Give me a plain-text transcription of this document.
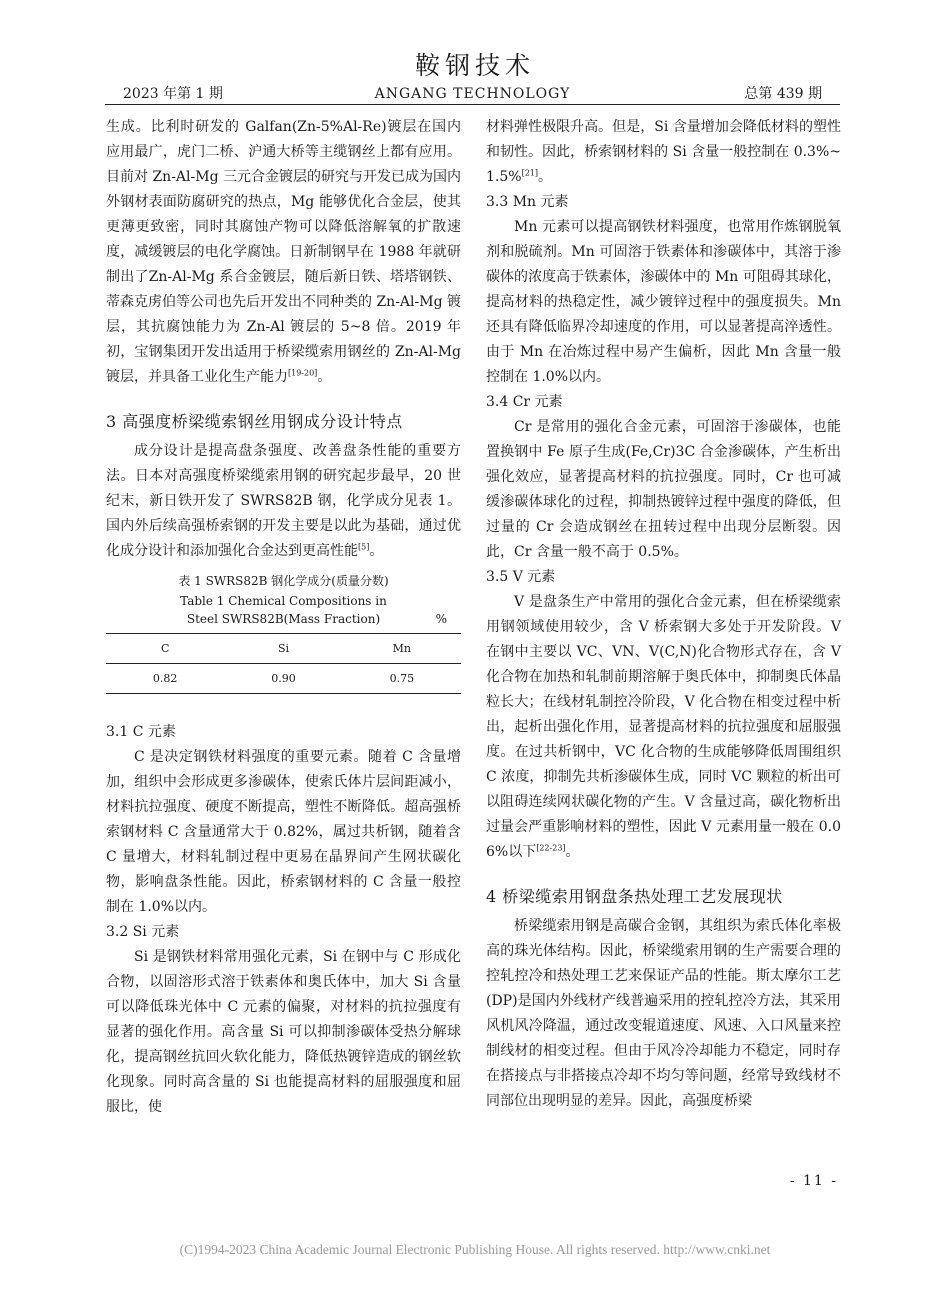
鞍钢技术
2023 年第 1 期	ANGANG TECHNOLOGY	总第 439 期

生成。比利时研发的 Galfan(Zn-5%Al-Re)镀层在国内应用最广，虎门二桥、沪通大桥等主缆钢丝上都有应用。目前对 Zn-Al-Mg 三元合金镀层的研究与开发已成为国内外钢材表面防腐研究的热点，Mg 能够优化合金层，使其更薄更致密，同时其腐蚀产物可以降低溶解氧的扩散速度，减缓镀层的电化学腐蚀。日新制钢早在 1988 年就研制出了Zn-Al-Mg 系合金镀层，随后新日铁、塔塔钢铁、蒂森克虏伯等公司也先后开发出不同种类的 Zn-Al-Mg 镀层，其抗腐蚀能力为 Zn-Al 镀层的 5~8 倍。2019 年初，宝钢集团开发出适用于桥梁缆索用钢丝的 Zn-Al-Mg 镀层，并具备工业化生产能力[19-20]。

3 高强度桥梁缆索钢丝用钢成分设计特点

成分设计是提高盘条强度、改善盘条性能的重要方法。日本对高强度桥梁缆索用钢的研究起步最早，20 世纪末，新日铁开发了 SWRS82B 钢，化学成分见表 1。国内外后续高强桥索钢的开发主要是以此为基础，通过优化成分设计和添加强化合金达到更高性能[5]。

表 1 SWRS82B 钢化学成分(质量分数)
Table 1 Chemical Compositions in
Steel SWRS82B(Mass Fraction)	%
C	Si	Mn
0.82	0.90	0.75
3.1 C 元素

C 是决定钢铁材料强度的重要元素。随着 C 含量增加，组织中会形成更多渗碳体，使索氏体片层间距减小，材料抗拉强度、硬度不断提高，塑性不断降低。超高强桥索钢材料 C 含量通常大于 0.82%，属过共析钢，随着含 C 量增大，材料轧制过程中更易在晶界间产生网状碳化物，影响盘条性能。因此，桥索钢材料的 C 含量一般控制在 1.0%以内。

3.2 Si 元素

Si 是钢铁材料常用强化元素，Si 在钢中与 C 形成化合物，以固溶形式溶于铁素体和奥氏体中，加大 Si 含量可以降低珠光体中 C 元素的偏聚，对材料的抗拉强度有显著的强化作用。高含量 Si 可以抑制渗碳体受热分解球化，提高钢丝抗回火软化能力，降低热镀锌造成的钢丝软化现象。同时高含量的 Si 也能提高材料的屈服强度和屈服比，使

材料弹性极限升高。但是，Si 含量增加会降低材料的塑性和韧性。因此，桥索钢材料的 Si 含量一般控制在 0.3%~1.5%[21]。

3.3 Mn 元素

Mn 元素可以提高钢铁材料强度，也常用作炼钢脱氧剂和脱硫剂。Mn 可固溶于铁素体和渗碳体中，其溶于渗碳体的浓度高于铁素体，渗碳体中的 Mn 可阻碍其球化，提高材料的热稳定性，减少镀锌过程中的强度损失。Mn 还具有降低临界冷却速度的作用，可以显著提高淬透性。由于 Mn 在冶炼过程中易产生偏析，因此 Mn 含量一般控制在 1.0%以内。

3.4 Cr 元素

Cr 是常用的强化合金元素，可固溶于渗碳体，也能置换钢中 Fe 原子生成(Fe,Cr)3C 合金渗碳体，产生析出强化效应，显著提高材料的抗拉强度。同时，Cr 也可减缓渗碳体球化的过程，抑制热镀锌过程中强度的降低，但过量的 Cr 会造成钢丝在扭转过程中出现分层断裂。因此，Cr 含量一般不高于 0.5%。

3.5 V 元素

V 是盘条生产中常用的强化合金元素，但在桥梁缆索用钢领域使用较少，含 V 桥索钢大多处于开发阶段。V 在钢中主要以 VC、VN、V(C,N)化合物形式存在，含 V 化合物在加热和轧制前期溶解于奥氏体中，抑制奥氏体晶粒长大；在线材轧制控冷阶段，V 化合物在相变过程中析出，起析出强化作用，显著提高材料的抗拉强度和屈服强度。在过共析钢中，VC 化合物的生成能够降低周围组织 C 浓度，抑制先共析渗碳体生成，同时 VC 颗粒的析出可以阻碍连续网状碳化物的产生。V 含量过高，碳化物析出过量会严重影响材料的塑性，因此 V 元素用量一般在 0.06%以下[22-23]。

4 桥梁缆索用钢盘条热处理工艺发展现状

桥梁缆索用钢是高碳合金钢，其组织为索氏体化率极高的珠光体结构。因此，桥梁缆索用钢的生产需要合理的控轧控冷和热处理工艺来保证产品的性能。斯太摩尔工艺(DP)是国内外线材产线普遍采用的控轧控冷方法，其采用风机风冷降温，通过改变辊道速度、风速、入口风量来控制线材的相变过程。但由于风冷冷却能力不稳定，同时存在搭接点与非搭接点冷却不均匀等问题，经常导致线材不同部位出现明显的差异。因此，高强度桥梁

- 11 -
(C)1994-2023 China Academic Journal Electronic Publishing House. All rights reserved. http://www.cnki.net
